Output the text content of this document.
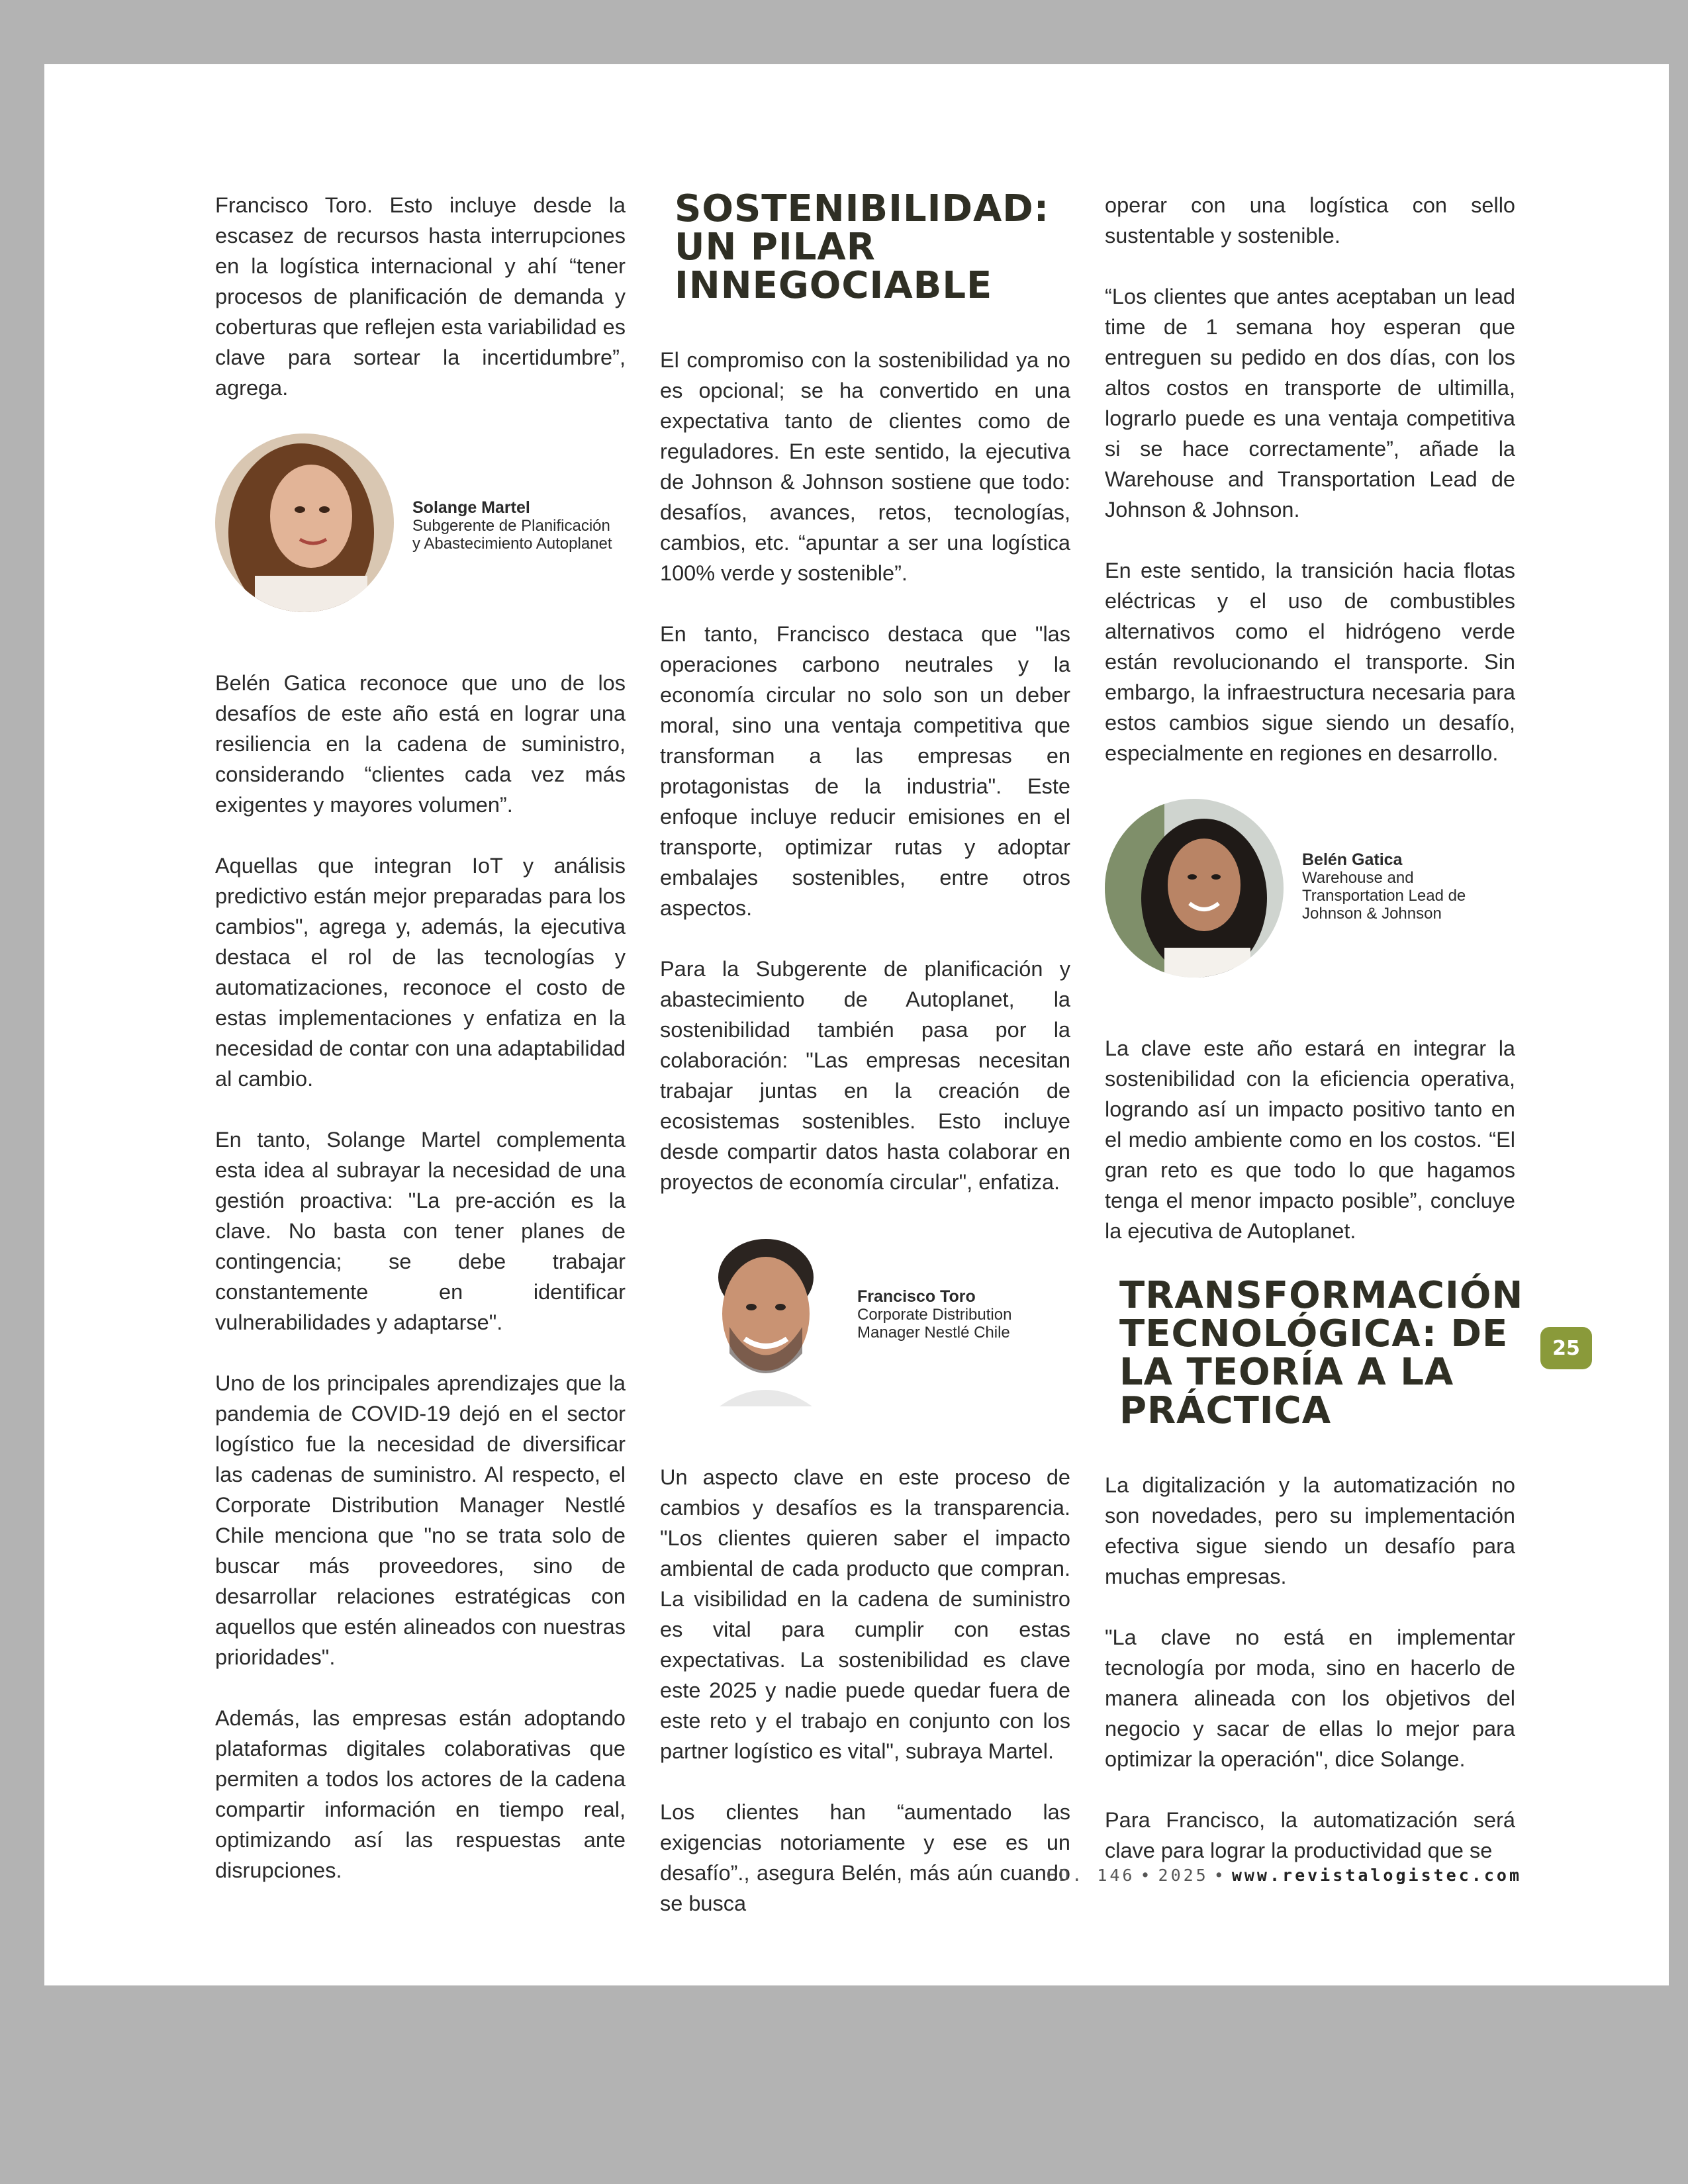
Francisco Toro. Esto incluye desde la escasez de recursos hasta interrupciones en la logística internacional y ahí “tener procesos de planificación de demanda y coberturas que reflejen esta variabilidad es clave para sortear la incertidumbre”, agrega.

Solange Martel
Subgerente de Planificación
y Abastecimiento Autoplanet

Belén Gatica reconoce que uno de los desafíos de este año está en lograr una resiliencia en la cadena de suministro, considerando “clientes cada vez más exigentes y mayores volumen”.

Aquellas que integran IoT y análisis predictivo están mejor preparadas para los cambios", agrega y, además, la ejecutiva destaca el rol de las tecnologías y automatizaciones, reconoce el costo de estas implementaciones y enfatiza en la necesidad de contar con una adaptabilidad al cambio.

En tanto, Solange Martel complementa esta idea al subrayar la necesidad de una gestión proactiva: "La pre-acción es la clave. No basta con tener planes de contingencia; se debe trabajar constantemente en identificar vulnerabilidades y adaptarse".

Uno de los principales aprendizajes que la pandemia de COVID-19 dejó en el sector logístico fue la necesidad de diversificar las cadenas de suministro. Al respecto, el Corporate Distribution Manager Nestlé Chile menciona que "no se trata solo de buscar más proveedores, sino de desarrollar relaciones estratégicas con aquellos que estén alineados con nuestras prioridades".

Además, las empresas están adoptando plataformas digitales colaborativas que permiten a todos los actores de la cadena compartir información en tiempo real, optimizando así las respuestas ante disrupciones.

SOSTENIBILIDAD:
UN PILAR
INNEGOCIABLE

El compromiso con la sostenibilidad ya no es opcional; se ha convertido en una expectativa tanto de clientes como de reguladores. En este sentido, la ejecutiva de Johnson & Johnson sostiene que todo: desafíos, avances, retos, tecnologías, cambios, etc. “apuntar a ser una logística 100% verde y sostenible”.

En tanto, Francisco destaca que "las operaciones carbono neutrales y la economía circular no solo son un deber moral, sino una ventaja competitiva que transforman a las empresas en protagonistas de la industria". Este enfoque incluye reducir emisiones en el transporte, optimizar rutas y adoptar embalajes sostenibles, entre otros aspectos.

Para la Subgerente de planificación y abastecimiento de Autoplanet, la sostenibilidad también pasa por la colaboración: "Las empresas necesitan trabajar juntas en la creación de ecosistemas sostenibles. Esto incluye desde compartir datos hasta colaborar en proyectos de economía circular", enfatiza.

Francisco Toro
Corporate Distribution
Manager Nestlé Chile

Un aspecto clave en este proceso de cambios y desafíos es la transparencia. "Los clientes quieren saber el impacto ambiental de cada producto que compran. La visibilidad en la cadena de suministro es vital para cumplir con estas expectativas. La sostenibilidad es clave este 2025 y nadie puede quedar fuera de este reto y el trabajo en conjunto con los partner logístico es vital", subraya Martel.

Los clientes han “aumentado las exigencias notoriamente y ese es un desafío”., asegura Belén, más aún cuando se busca

operar con una logística con sello sustentable y sostenible.

“Los clientes que antes aceptaban un lead time de 1 semana hoy esperan que entreguen su pedido en dos días, con los altos costos en transporte de ultimilla, lograrlo puede es una ventaja competitiva si se hace correctamente”, añade la Warehouse and Transportation Lead de Johnson & Johnson.

En este sentido, la transición hacia flotas eléctricas y el uso de combustibles alternativos como el hidrógeno verde están revolucionando el transporte. Sin embargo, la infraestructura necesaria para estos cambios sigue siendo un desafío, especialmente en regiones en desarrollo.

Belén Gatica
Warehouse and
Transportation Lead de
Johnson & Johnson

La clave este año estará en integrar la sostenibilidad con la eficiencia operativa, logrando así un impacto positivo tanto en el medio ambiente como en los costos. “El gran reto es que todo lo que hagamos tenga el menor impacto posible”, concluye la ejecutiva de Autoplanet.

TRANSFORMACIÓN
TECNOLÓGICA: DE
LA TEORÍA A LA
PRÁCTICA

La digitalización y la automatización no son novedades, pero su implementación efectiva sigue siendo un desafío para muchas empresas.

"La clave no está en implementar tecnología por moda, sino en hacerlo de manera alineada con los objetivos del negocio y sacar de ellas lo mejor para optimizar la operación", dice Solange.

Para Francisco, la automatización será clave para lograr la productividad que se

25
ED. 146 • 2025 • www.revistalogistec.com
